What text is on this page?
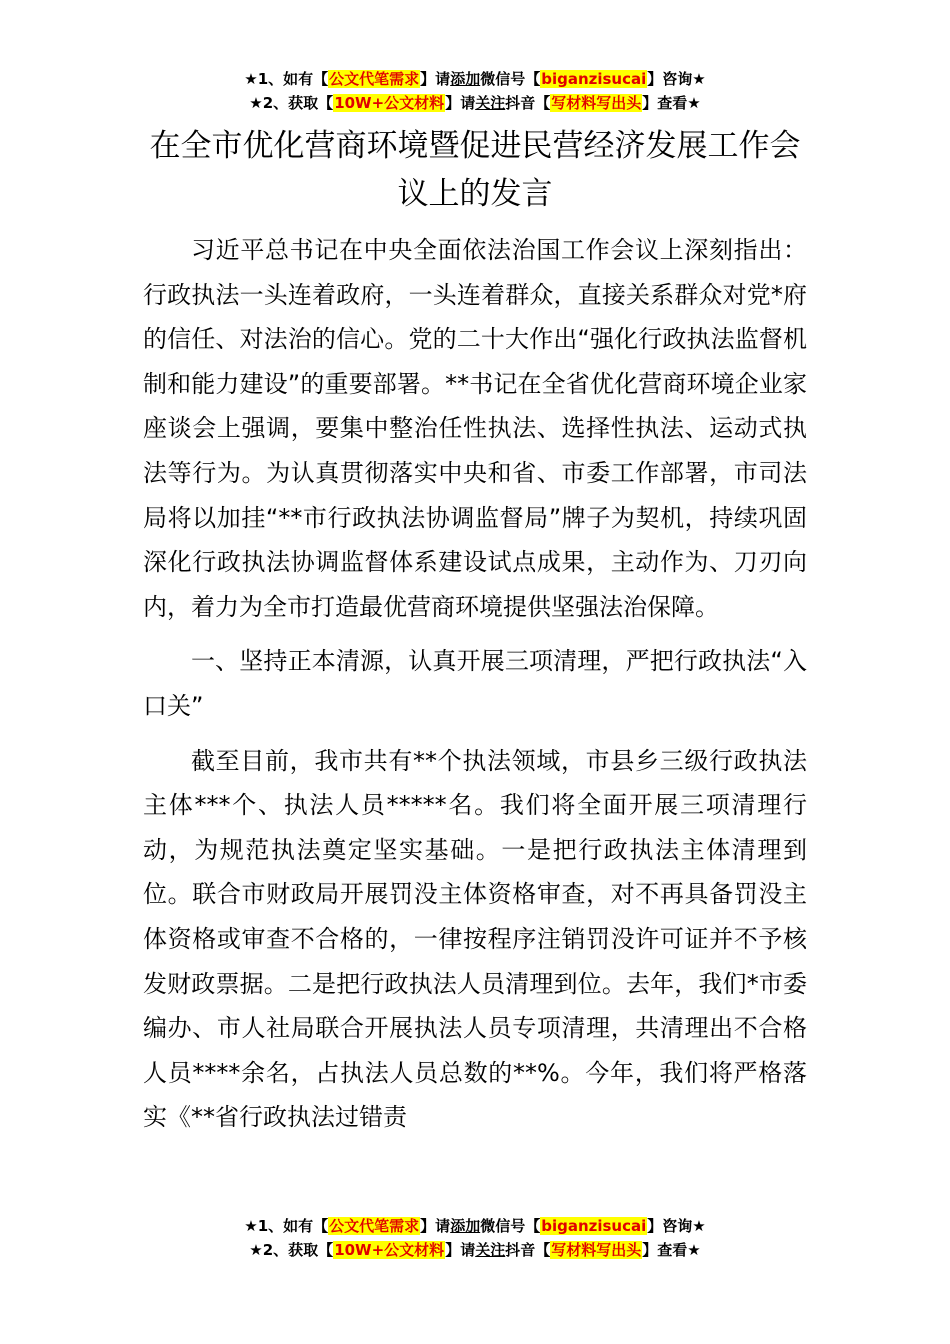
★1、如有【公文代笔需求】请添加微信号【biganzisucai】咨询★
★2、获取【10W+公文材料】请关注抖音【写材料写出头】查看★
在全市优化营商环境暨促进民营经济发展工作会议上的发言

习近平总书记在中央全面依法治国工作会议上深刻指出：行政执法一头连着政府，一头连着群众，直接关系群众对党*府的信任、对法治的信心。党的二十大作出“强化行政执法监督机制和能力建设”的重要部署。**书记在全省优化营商环境企业家座谈会上强调，要集中整治任性执法、选择性执法、运动式执法等行为。为认真贯彻落实中央和省、市委工作部署，市司法局将以加挂“**市行政执法协调监督局”牌子为契机，持续巩固深化行政执法协调监督体系建设试点成果，主动作为、刀刃向内，着力为全市打造最优营商环境提供坚强法治保障。

一、坚持正本清源，认真开展三项清理，严把行政执法“入口关”

截至目前，我市共有**个执法领域，市县乡三级行政执法主体***个、执法人员*****名。我们将全面开展三项清理行动，为规范执法奠定坚实基础。一是把行政执法主体清理到位。联合市财政局开展罚没主体资格审查，对不再具备罚没主体资格或审查不合格的，一律按程序注销罚没许可证并不予核发财政票据。二是把行政执法人员清理到位。去年，我们*市委编办、市人社局联合开展执法人员专项清理，共清理出不合格人员****余名，占执法人员总数的**%。今年，我们将严格落实《**省行政执法过错责

★1、如有【公文代笔需求】请添加微信号【biganzisucai】咨询★
★2、获取【10W+公文材料】请关注抖音【写材料写出头】查看★
